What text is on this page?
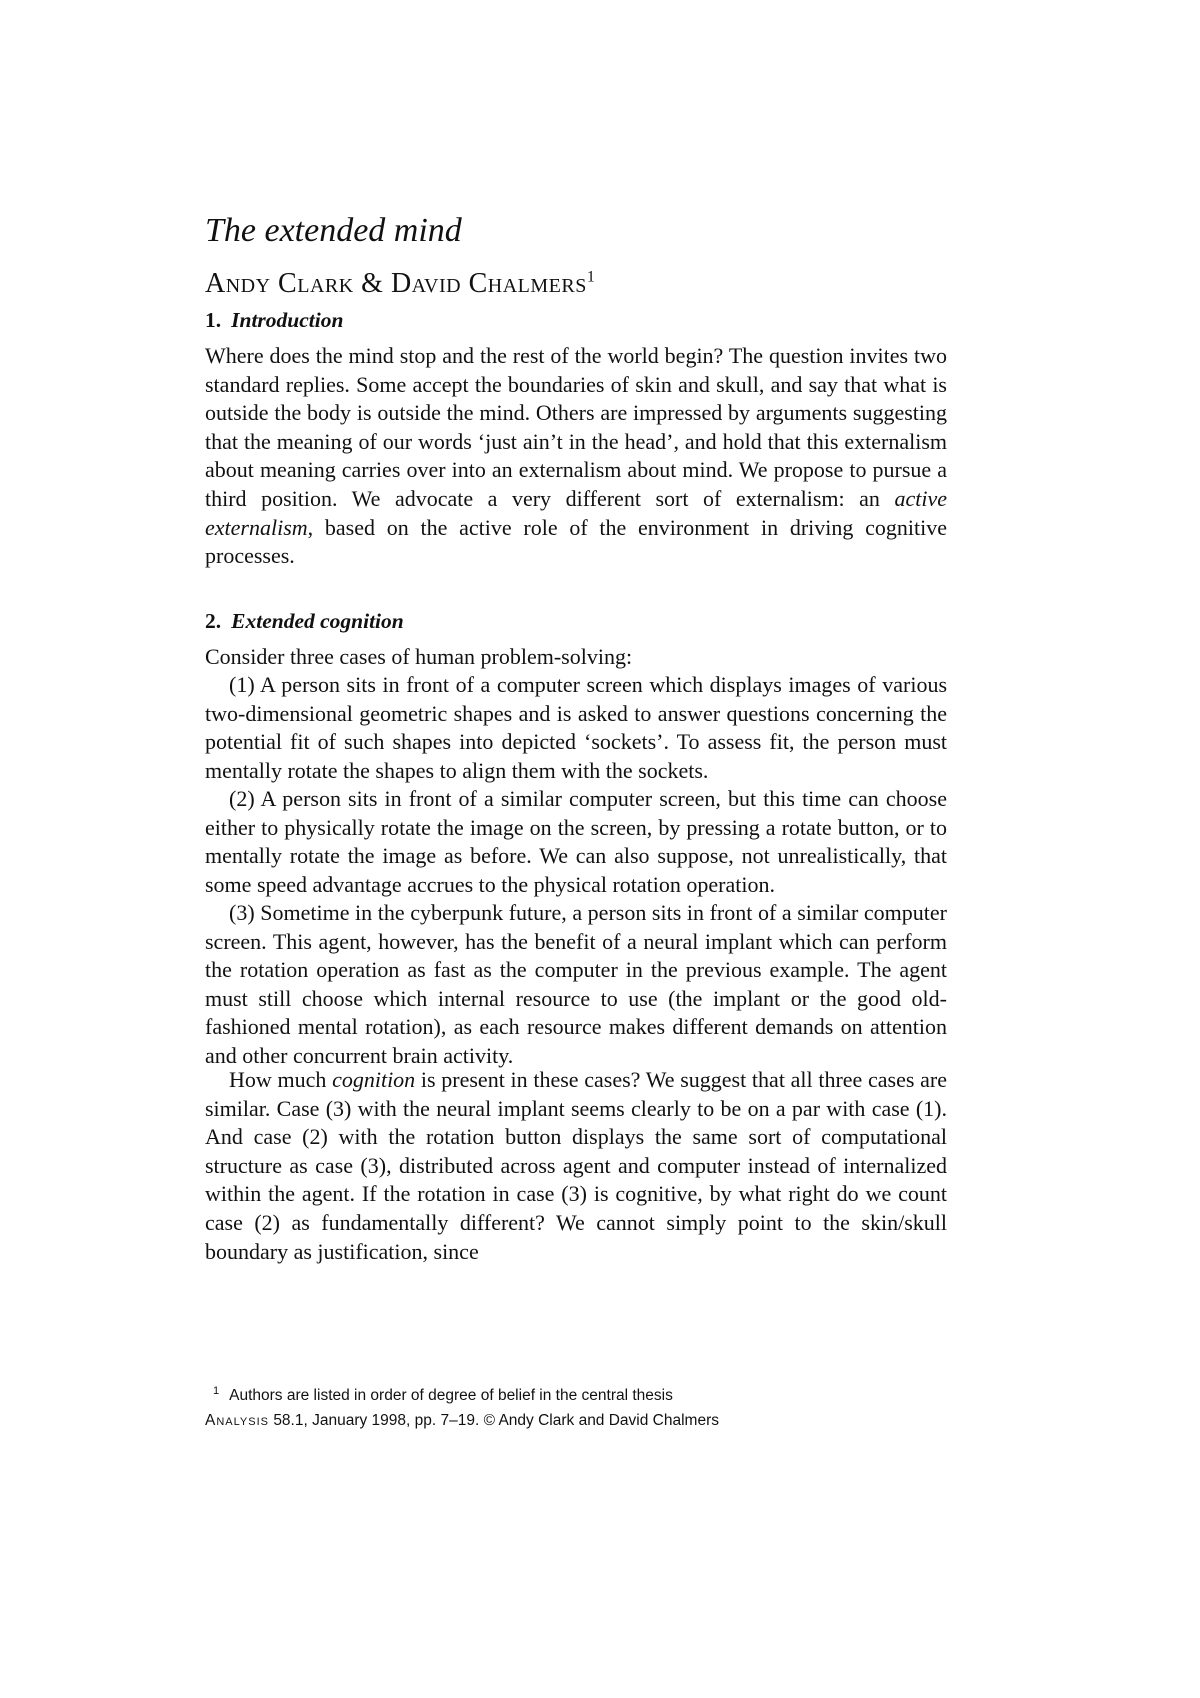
The extended mind

Andy Clark & David Chalmers$^1$

1. Introduction

Where does the mind stop and the rest of the world begin? The question invites two standard replies. Some accept the boundaries of skin and skull, and say that what is outside the body is outside the mind. Others are impressed by arguments suggesting that the meaning of our words ‘just ain’t in the head’, and hold that this externalism about meaning carries over into an externalism about mind. We propose to pursue a third position. We advocate a very different sort of externalism: an active externalism, based on the active role of the environment in driving cognitive processes.

2. Extended cognition

Consider three cases of human problem-solving:

(1) A person sits in front of a computer screen which displays images of various two-dimensional geometric shapes and is asked to answer questions concerning the potential fit of such shapes into depicted ‘sockets’. To assess fit, the person must mentally rotate the shapes to align them with the sockets.

(2) A person sits in front of a similar computer screen, but this time can choose either to physically rotate the image on the screen, by pressing a rotate button, or to mentally rotate the image as before. We can also suppose, not unrealistically, that some speed advantage accrues to the physical rotation operation.

(3) Sometime in the cyberpunk future, a person sits in front of a similar computer screen. This agent, however, has the benefit of a neural implant which can perform the rotation operation as fast as the computer in the previous example. The agent must still choose which internal resource to use (the implant or the good old-fashioned mental rotation), as each resource makes different demands on attention and other concurrent brain activity.

How much cognition is present in these cases? We suggest that all three cases are similar. Case (3) with the neural implant seems clearly to be on a par with case (1). And case (2) with the rotation button displays the same sort of computational structure as case (3), distributed across agent and computer instead of internalized within the agent. If the rotation in case (3) is cognitive, by what right do we count case (2) as fundamentally different? We cannot simply point to the skin/skull boundary as justification, since

$^1$ Authors are listed in order of degree of belief in the central thesis

Analysis 58.1, January 1998, pp. 7–19. © Andy Clark and David Chalmers
